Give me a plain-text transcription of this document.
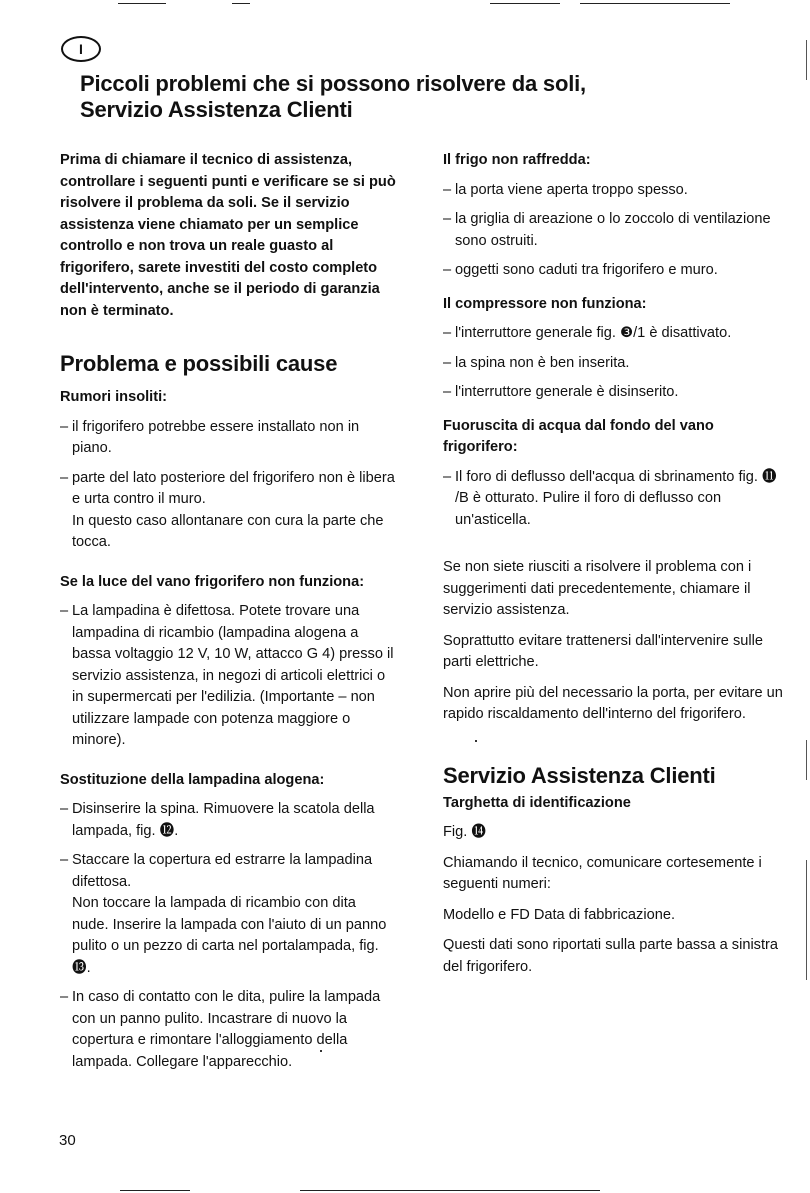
I
Piccoli problemi che si possono risolvere da soli,
Servizio Assistenza Clienti

Prima di chiamare il tecnico di assistenza, controllare i seguenti punti e verificare se si può risolvere il problema da soli. Se il servizio assistenza viene chiamato per un semplice controllo e non trova un reale guasto al frigorifero, sarete investiti del costo completo dell'intervento, anche se il periodo di garanzia non è terminato.

Problema e possibili cause
Rumori insoliti:
– il frigorifero potrebbe essere installato non in piano.
– parte del lato posteriore del frigorifero non è libera e urta contro il muro.
In questo caso allontanare con cura la parte che tocca.
Se la luce del vano frigorifero non funziona:
– La lampadina è difettosa. Potete trovare una lampadina di ricambio (lampadina alogena a bassa voltaggio 12 V, 10 W, attacco G 4) presso il servizio assistenza, in negozi di articoli elettrici o in supermercati per l'edilizia. (Importante – non utilizzare lampade con potenza maggiore o minore).
Sostituzione della lampadina alogena:
– Disinserire la spina. Rimuovere la scatola della lampada, fig. ⓬.
– Staccare la copertura ed estrarre la lampadina difettosa.
Non toccare la lampada di ricambio con dita nude. Inserire la lampada con l'aiuto di un panno pulito o un pezzo di carta nel portalampada, fig. ⓭.
– In caso di contatto con le dita, pulire la lampada con un panno pulito. Incastrare di nuovo la copertura e rimontare l'alloggiamento della lampada. Collegare l'apparecchio.
Il frigo non raffredda:
– la porta viene aperta troppo spesso.
– la griglia di areazione o lo zoccolo di ventilazione sono ostruiti.
– oggetti sono caduti tra frigorifero e muro.
Il compressore non funziona:
– l'interruttore generale fig. ❸/1 è disattivato.
– la spina non è ben inserita.
– l'interruttore generale è disinserito.
Fuoruscita di acqua dal fondo del vano frigorifero:
– Il foro di deflusso dell'acqua di sbrinamento fig. ⓫ /B è otturato. Pulire il foro di deflusso con un'asticella.

Se non siete riusciti a risolvere il problema con i suggerimenti dati precedentemente, chiamare il servizio assistenza.

Soprattutto evitare trattenersi dall'intervenire sulle parti elettriche.

Non aprire più del necessario la porta, per evitare un rapido riscaldamento dell'interno del frigorifero.

Servizio Assistenza Clienti
Targhetta di identificazione

Fig. ⓮

Chiamando il tecnico, comunicare cortesemente i seguenti numeri:

Modello e FD Data di fabbricazione.

Questi dati sono riportati sulla parte bassa a sinistra del frigorifero.

30
